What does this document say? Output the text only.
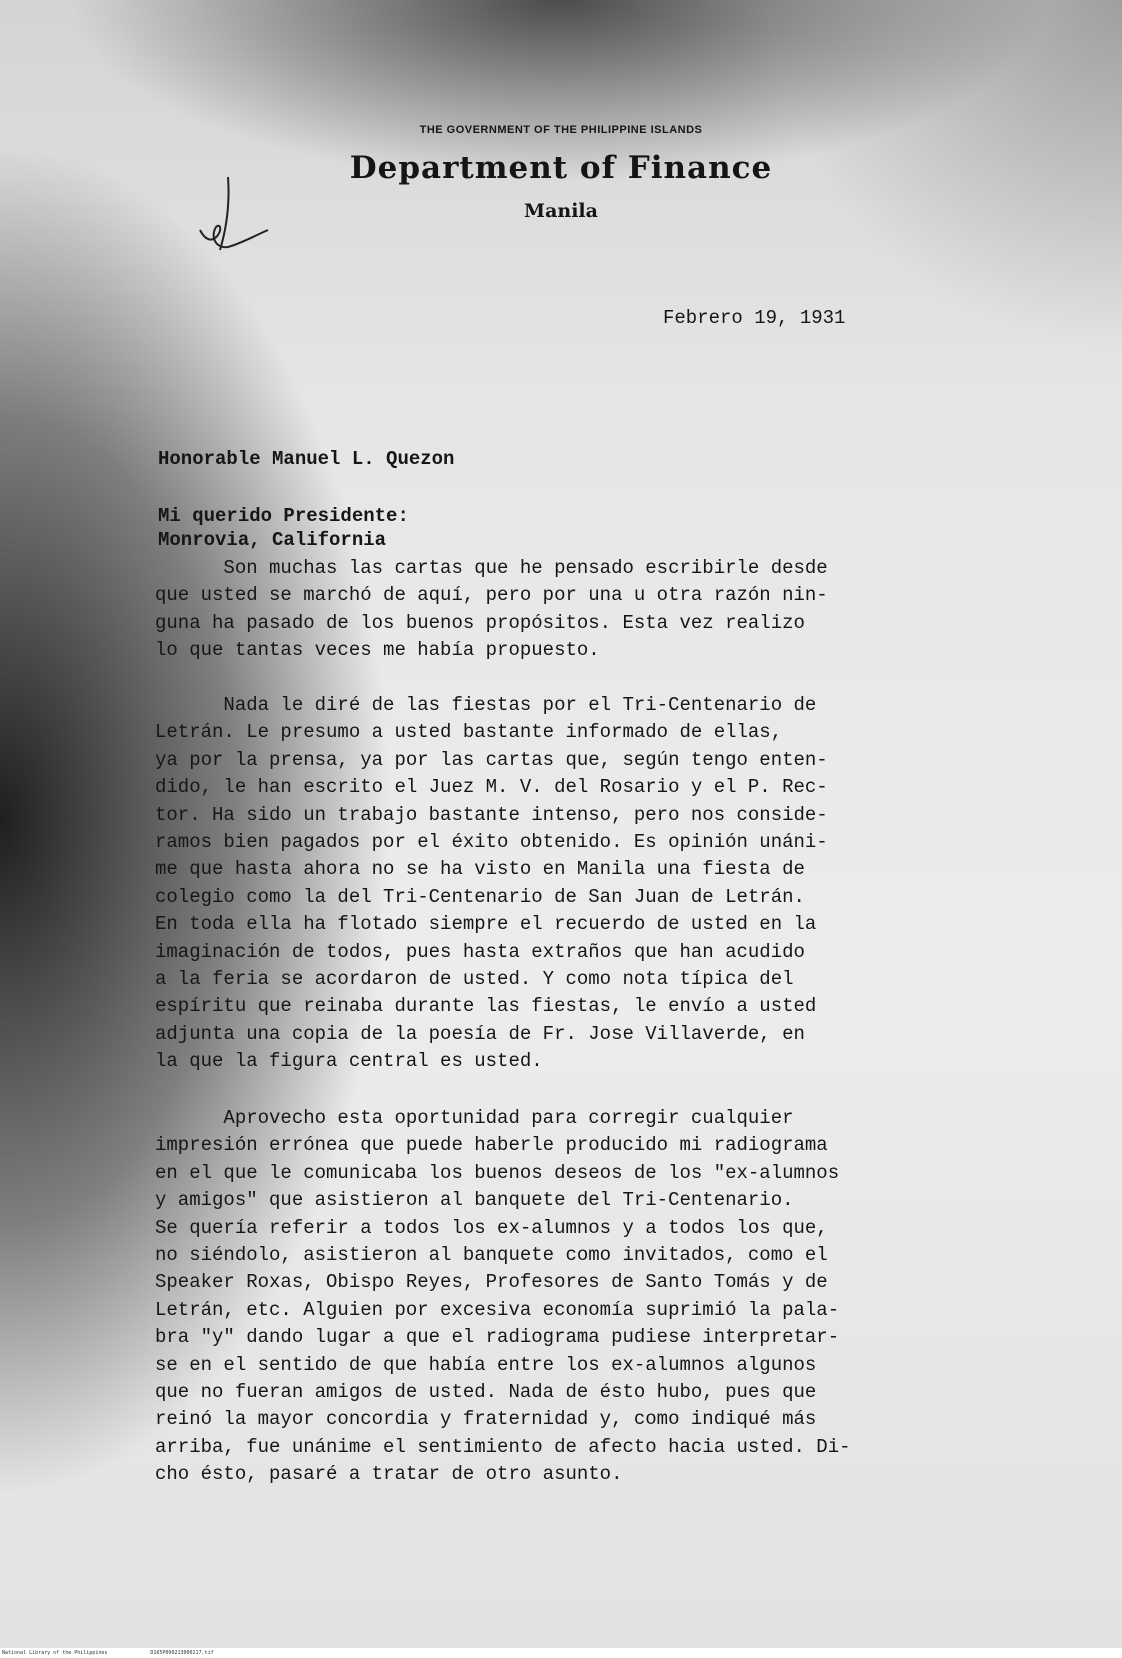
THE GOVERNMENT OF THE PHILIPPINE ISLANDS
Department of Finance
Manila
Febrero 19, 1931

Honorable Manuel L. Quezon

Monrovia, California

Mi querido Presidente:
Son muchas las cartas que he pensado escribirle desde
que usted se marchó de aquí, pero por una u otra razón nin-
guna ha pasado de los buenos propósitos. Esta vez realizo
lo que tantas veces me había propuesto.
Nada le diré de las fiestas por el Tri-Centenario de
Letrán. Le presumo a usted bastante informado de ellas,
ya por la prensa, ya por las cartas que, según tengo enten-
dido, le han escrito el Juez M. V. del Rosario y el P. Rec-
tor. Ha sido un trabajo bastante intenso, pero nos conside-
ramos bien pagados por el éxito obtenido. Es opinión unáni-
me que hasta ahora no se ha visto en Manila una fiesta de
colegio como la del Tri-Centenario de San Juan de Letrán.
En toda ella ha flotado siempre el recuerdo de usted en la
imaginación de todos, pues hasta extraños que han acudido
a la feria se acordaron de usted. Y como nota típica del
espíritu que reinaba durante las fiestas, le envío a usted
adjunta una copia de la poesía de Fr. Jose Villaverde, en
la que la figura central es usted.
Aprovecho esta oportunidad para corregir cualquier
impresión errónea que puede haberle producido mi radiograma
en el que le comunicaba los buenos deseos de los "ex-alumnos
y amigos" que asistieron al banquete del Tri-Centenario.
Se quería referir a todos los ex-alumnos y a todos los que,
no siéndolo, asistieron al banquete como invitados, como el
Speaker Roxas, Obispo Reyes, Profesores de Santo Tomás y de
Letrán, etc. Alguien por excesiva economía suprimió la pala-
bra "y" dando lugar a que el radiograma pudiese interpretar-
se en el sentido de que había entre los ex-alumnos algunos
que no fueran amigos de usted. Nada de ésto hubo, pues que
reinó la mayor concordia y fraternidad y, como indiqué más
arriba, fue unánime el sentimiento de afecto hacia usted. Di-
cho ésto, pasaré a tratar de otro asunto.
National Library of the Philippines	D165P000213000217.tif
